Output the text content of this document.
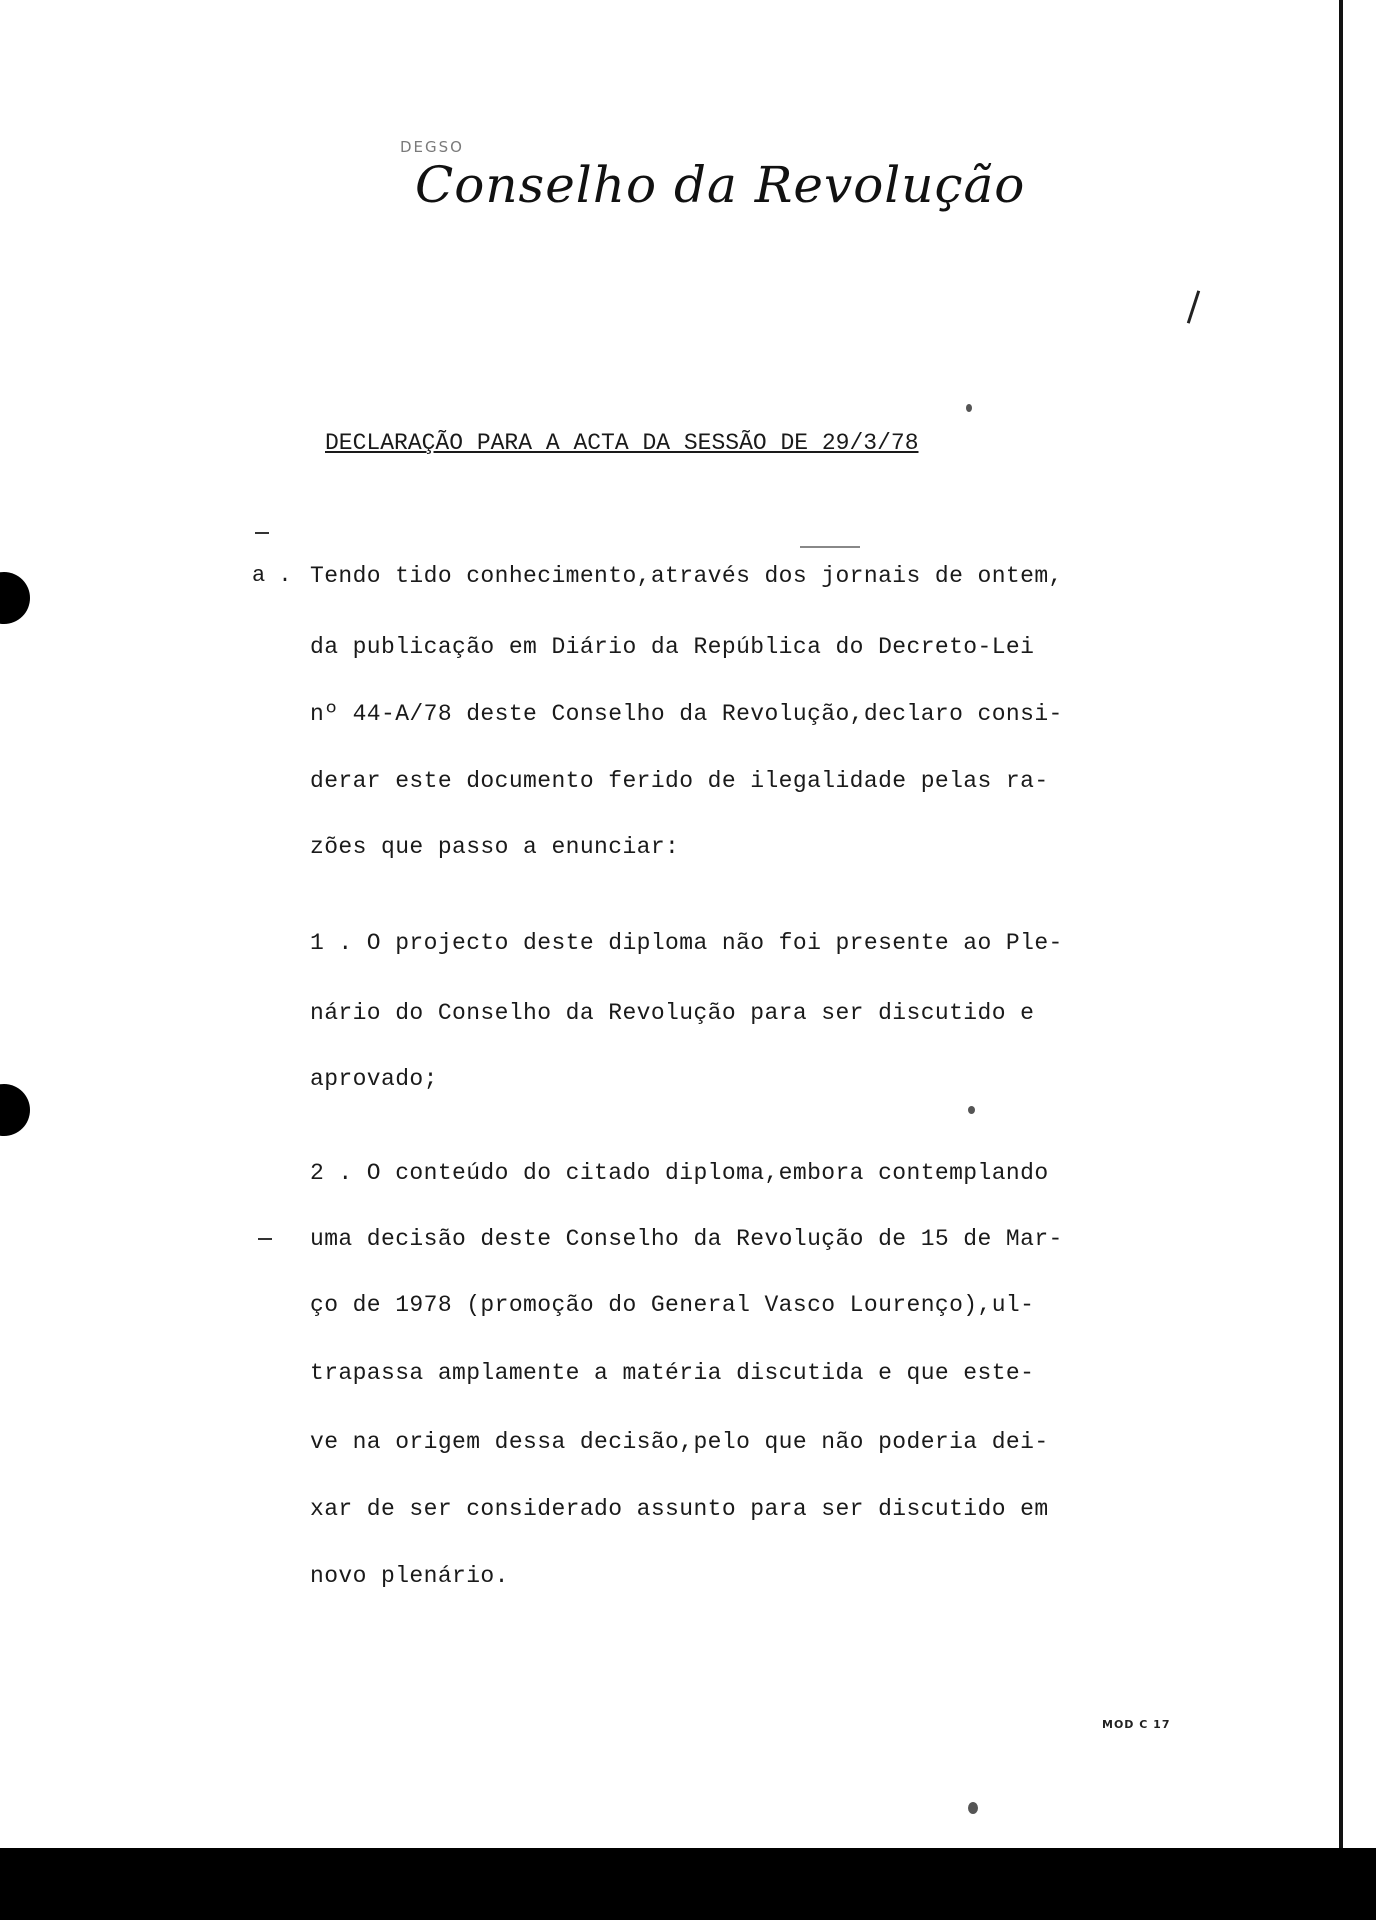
DEGSO
Conselho da Revolução
DECLARAÇÃO PARA A ACTA DA SESSÃO DE 29/3/78
a . Tendo tido conhecimento,através dos jornais de ontem,
da publicação em Diário da República do Decreto-Lei
nº 44-A/78 deste Conselho da Revolução,declaro consi-
derar este documento ferido de ilegalidade pelas ra-
zões que passo a enunciar:
1 . O projecto deste diploma não foi presente ao Ple-
nário do Conselho da Revolução para ser discutido e
aprovado;
2 . O conteúdo do citado diploma,embora contemplando
uma decisão deste Conselho da Revolução de 15 de Mar-
ço de 1978 (promoção do General Vasco Lourenço),ul-
trapassa amplamente a matéria discutida e que este-
ve na origem dessa decisão,pelo que não poderia dei-
xar de ser considerado assunto para ser discutido em
novo plenário.
MOD C 17
